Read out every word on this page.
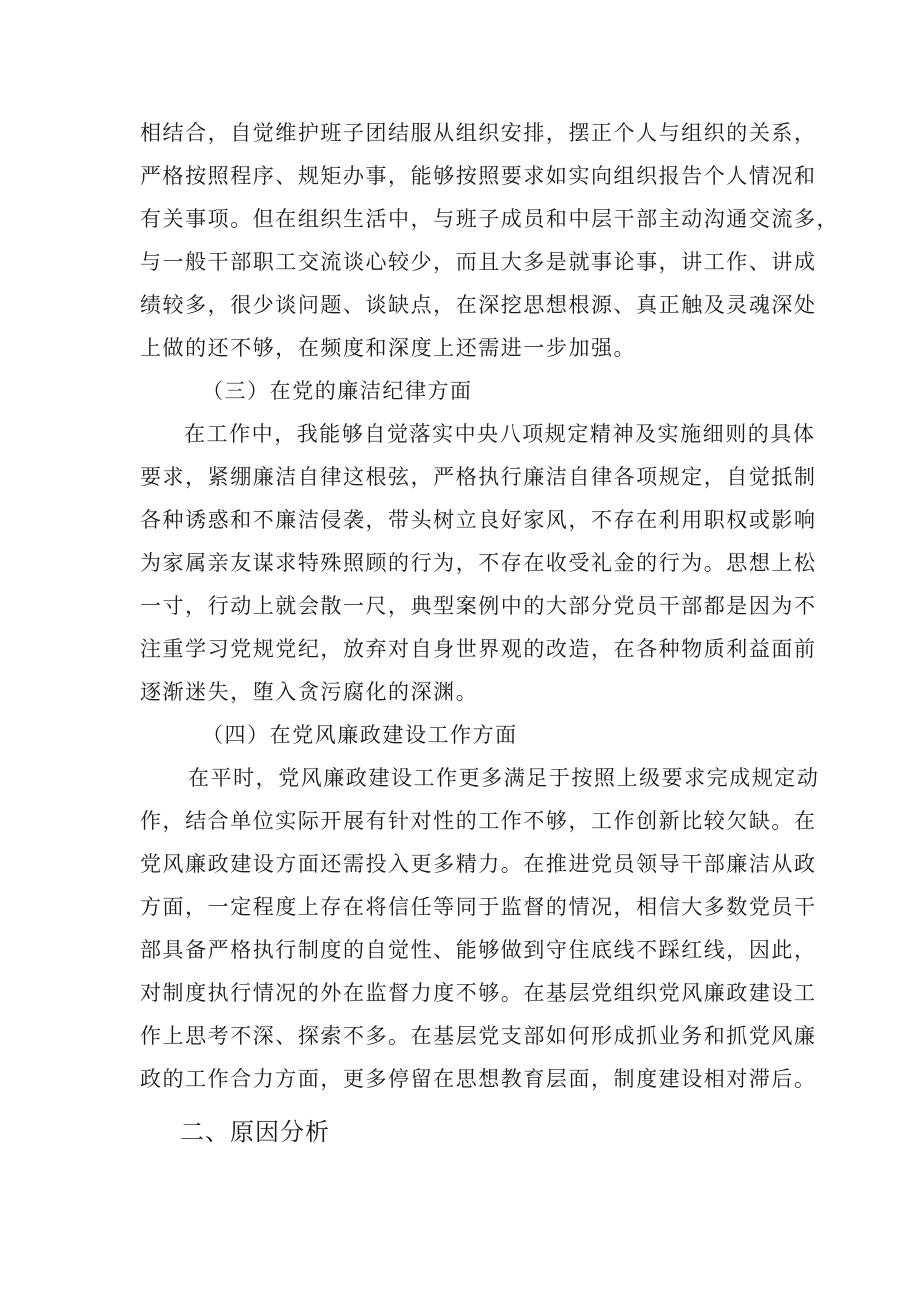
相结合，自觉维护班子团结服从组织安排，摆正个人与组织的关系，
严格按照程序、规矩办事，能够按照要求如实向组织报告个人情况和
有关事项。但在组织生活中，与班子成员和中层干部主动沟通交流多，
与一般干部职工交流谈心较少，而且大多是就事论事，讲工作、讲成
绩较多，很少谈问题、谈缺点，在深挖思想根源、真正触及灵魂深处
上做的还不够，在频度和深度上还需进一步加强。
（三）在党的廉洁纪律方面
在工作中，我能够自觉落实中央八项规定精神及实施细则的具体
要求，紧绷廉洁自律这根弦，严格执行廉洁自律各项规定，自觉抵制
各种诱惑和不廉洁侵袭，带头树立良好家风，不存在利用职权或影响
为家属亲友谋求特殊照顾的行为，不存在收受礼金的行为。思想上松
一寸，行动上就会散一尺，典型案例中的大部分党员干部都是因为不
注重学习党规党纪，放弃对自身世界观的改造，在各种物质利益面前
逐渐迷失，堕入贪污腐化的深渊。
（四）在党风廉政建设工作方面
在平时，党风廉政建设工作更多满足于按照上级要求完成规定动
作，结合单位实际开展有针对性的工作不够，工作创新比较欠缺。在
党风廉政建设方面还需投入更多精力。在推进党员领导干部廉洁从政
方面，一定程度上存在将信任等同于监督的情况，相信大多数党员干
部具备严格执行制度的自觉性、能够做到守住底线不踩红线，因此，
对制度执行情况的外在监督力度不够。在基层党组织党风廉政建设工
作上思考不深、探索不多。在基层党支部如何形成抓业务和抓党风廉
政的工作合力方面，更多停留在思想教育层面，制度建设相对滞后。
二、原因分析
